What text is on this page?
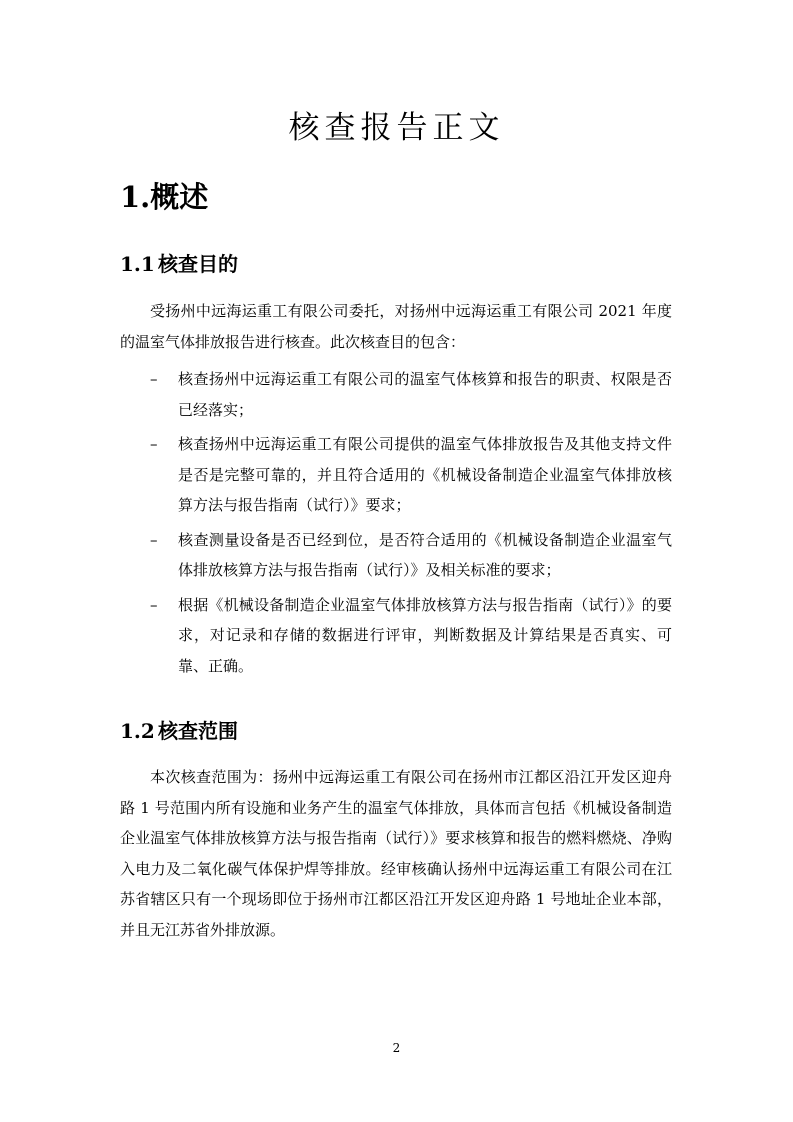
核查报告正文
1.概述
1.1 核查目的

受扬州中远海运重工有限公司委托，对扬州中远海运重工有限公司 2021 年度的温室气体排放报告进行核查。此次核查目的包含：

– 核查扬州中远海运重工有限公司的温室气体核算和报告的职责、权限是否已经落实；
– 核查扬州中远海运重工有限公司提供的温室气体排放报告及其他支持文件是否是完整可靠的，并且符合适用的《机械设备制造企业温室气体排放核算方法与报告指南（试行）》要求；
– 核查测量设备是否已经到位，是否符合适用的《机械设备制造企业温室气体排放核算方法与报告指南（试行）》及相关标准的要求；
– 根据《机械设备制造企业温室气体排放核算方法与报告指南（试行）》的要求，对记录和存储的数据进行评审，判断数据及计算结果是否真实、可靠、正确。
1.2 核查范围

本次核查范围为：扬州中远海运重工有限公司在扬州市江都区沿江开发区迎舟路 1 号范围内所有设施和业务产生的温室气体排放，具体而言包括《机械设备制造企业温室气体排放核算方法与报告指南（试行）》要求核算和报告的燃料燃烧、净购入电力及二氧化碳气体保护焊等排放。经审核确认扬州中远海运重工有限公司在江苏省辖区只有一个现场即位于扬州市江都区沿江开发区迎舟路 1 号地址企业本部，并且无江苏省外排放源。

2
